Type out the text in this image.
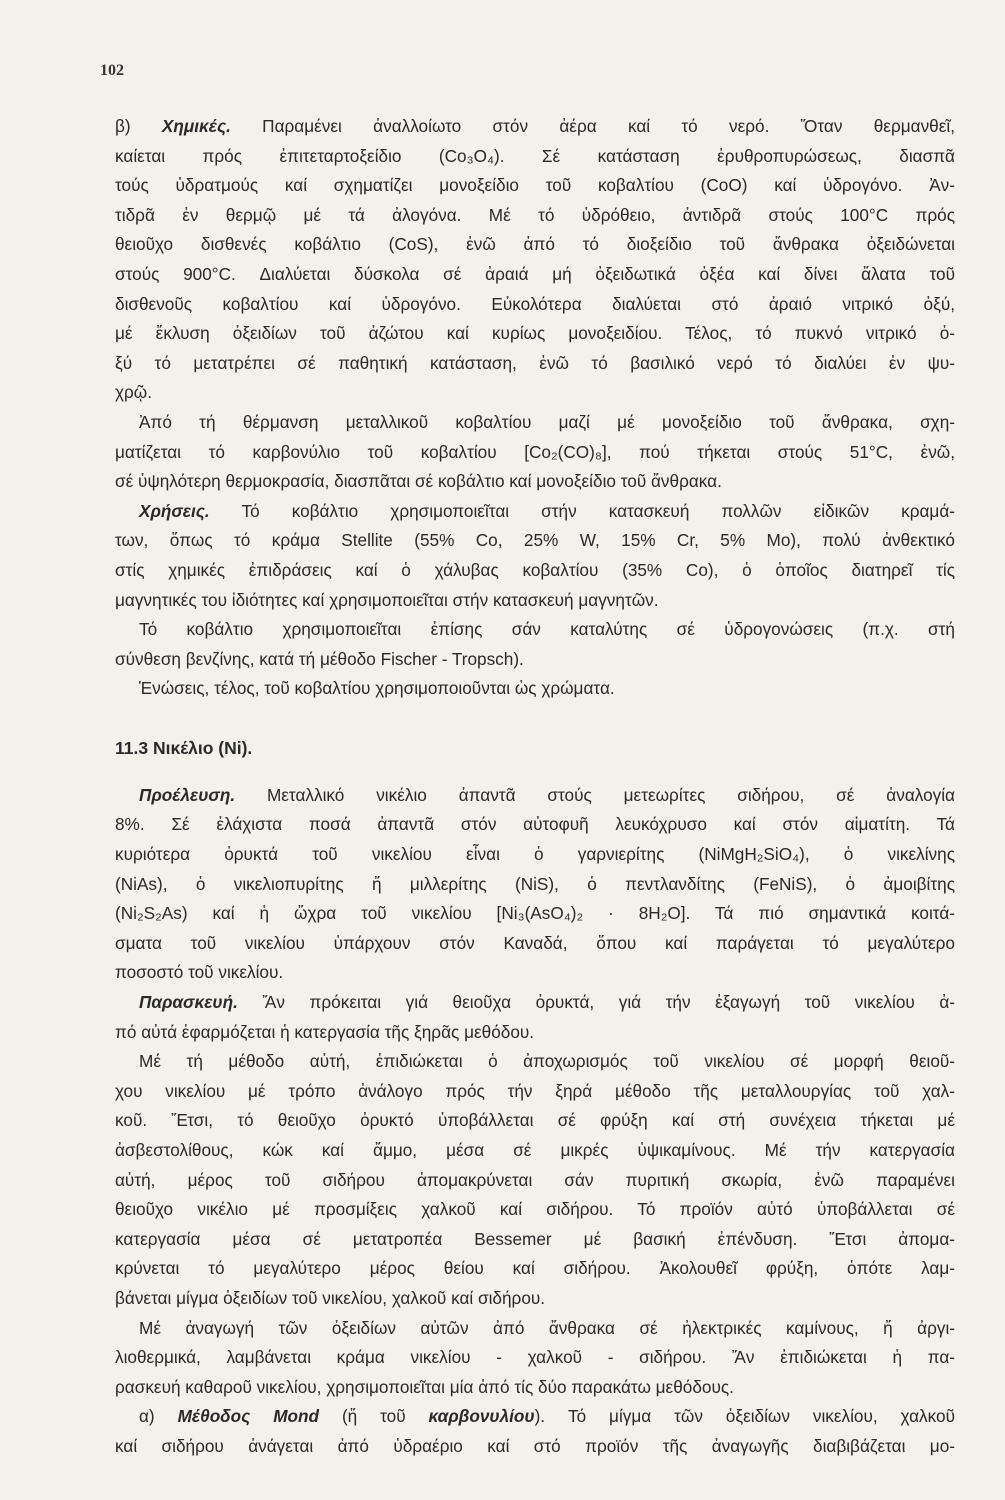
102
β) Χημικές. Παραμένει ἀναλλοίωτο στόν ἀέρα καί τό νερό. Ὅταν θερμανθεῖ,
καίεται πρός ἐπιτεταρτοξείδιο (Co₃O₄). Σέ κατάσταση ἐρυθροπυρώσεως, διασπᾶ
τούς ὑδρατμούς καί σχηματίζει μονοξείδιο τοῦ κοβαλτίου (CoO) καί ὑδρογόνο. Ἀν-
τιδρᾶ ἐν θερμῷ μέ τά ἀλογόνα. Μέ τό ὑδρόθειο, ἀντιδρᾶ στούς 100°C πρός
θειοῦχο δισθενές κοβάλτιο (CoS), ἐνῶ ἀπό τό διοξείδιο τοῦ ἄνθρακα ὀξειδώνεται
στούς 900°C. Διαλύεται δύσκολα σέ ἀραιά μή ὀξειδωτικά ὀξέα καί δίνει ἅλατα τοῦ
δισθενοῦς κοβαλτίου καί ὑδρογόνο. Εὐκολότερα διαλύεται στό ἀραιό νιτρικό ὀξύ,
μέ ἔκλυση ὀξειδίων τοῦ ἀζώτου καί κυρίως μονοξειδίου. Τέλος, τό πυκνό νιτρικό ὀ-
ξύ τό μετατρέπει σέ παθητική κατάσταση, ἐνῶ τό βασιλικό νερό τό διαλύει ἐν ψυ-
χρῷ.
Ἀπό τή θέρμανση μεταλλικοῦ κοβαλτίου μαζί μέ μονοξείδιο τοῦ ἄνθρακα, σχη-
ματίζεται τό καρβονύλιο τοῦ κοβαλτίου [Co₂(CO)₈], πού τήκεται στούς 51°C, ἐνῶ,
σέ ὑψηλότερη θερμοκρασία, διασπᾶται σέ κοβάλτιο καί μονοξείδιο τοῦ ἄνθρακα.
Χρήσεις. Τό κοβάλτιο χρησιμοποιεῖται στήν κατασκευή πολλῶν εἰδικῶν κραμά-
των, ὅπως τό κράμα Stellite (55% Co, 25% W, 15% Cr, 5% Mo), πολύ ἀνθεκτικό
στίς χημικές ἐπιδράσεις καί ὁ χάλυβας κοβαλτίου (35% Co), ὁ ὁποῖος διατηρεῖ τίς
μαγνητικές του ἰδιότητες καί χρησιμοποιεῖται στήν κατασκευή μαγνητῶν.
Τό κοβάλτιο χρησιμοποιεῖται ἐπίσης σάν καταλύτης σέ ὑδρογονώσεις (π.χ. στή
σύνθεση βενζίνης, κατά τή μέθοδο Fischer - Tropsch).
Ἑνώσεις, τέλος, τοῦ κοβαλτίου χρησιμοποιοῦνται ὡς χρώματα.
11.3 Νικέλιο (Ni).
Προέλευση. Μεταλλικό νικέλιο ἀπαντᾶ στούς μετεωρίτες σιδήρου, σέ ἀναλογία
8%. Σέ ἐλάχιστα ποσά ἀπαντᾶ στόν αὐτοφυῆ λευκόχρυσο καί στόν αἱματίτη. Τά
κυριότερα ὀρυκτά τοῦ νικελίου εἶναι ὁ γαρνιερίτης (NiMgH₂SiO₄), ὁ νικελίνης
(NiAs), ὁ νικελιοπυρίτης ἤ μιλλερίτης (NiS), ὁ πεντλανδίτης (FeNiS), ὁ ἀμοιβίτης
(Ni₂S₂As) καί ἡ ὤχρα τοῦ νικελίου [Ni₃(AsO₄)₂ · 8H₂O]. Τά πιό σημαντικά κοιτά-
σματα τοῦ νικελίου ὑπάρχουν στόν Καναδά, ὅπου καί παράγεται τό μεγαλύτερο
ποσοστό τοῦ νικελίου.
Παρασκευή. Ἄν πρόκειται γιά θειοῦχα ὀρυκτά, γιά τήν ἐξαγωγή τοῦ νικελίου ἀ-
πό αὐτά ἐφαρμόζεται ἡ κατεργασία τῆς ξηρᾶς μεθόδου.
Μέ τή μέθοδο αὐτή, ἐπιδιώκεται ὁ ἀποχωρισμός τοῦ νικελίου σέ μορφή θειοῦ-
χου νικελίου μέ τρόπο ἀνάλογο πρός τήν ξηρά μέθοδο τῆς μεταλλουργίας τοῦ χαλ-
κοῦ. Ἔτσι, τό θειοῦχο ὀρυκτό ὑποβάλλεται σέ φρύξη καί στή συνέχεια τήκεται μέ
ἀσβεστολίθους, κώκ καί ἄμμο, μέσα σέ μικρές ὑψικαμίνους. Μέ τήν κατεργασία
αὐτή, μέρος τοῦ σιδήρου ἀπομακρύνεται σάν πυριτική σκωρία, ἐνῶ παραμένει
θειοῦχο νικέλιο μέ προσμίξεις χαλκοῦ καί σιδήρου. Τό προϊόν αὐτό ὑποβάλλεται σέ
κατεργασία μέσα σέ μετατροπέα Bessemer μέ βασική ἐπένδυση. Ἔτσι ἀπομα-
κρύνεται τό μεγαλύτερο μέρος θείου καί σιδήρου. Ἀκολουθεῖ φρύξη, ὁπότε λαμ-
βάνεται μίγμα ὀξειδίων τοῦ νικελίου, χαλκοῦ καί σιδήρου.
Μέ ἀναγωγή τῶν ὀξειδίων αὐτῶν ἀπό ἄνθρακα σέ ἠλεκτρικές καμίνους, ἤ ἀργι-
λιοθερμικά, λαμβάνεται κράμα νικελίου - χαλκοῦ - σιδήρου. Ἄν ἐπιδιώκεται ἡ πα-
ρασκευή καθαροῦ νικελίου, χρησιμοποιεῖται μία ἀπό τίς δύο παρακάτω μεθόδους.
α) Μέθοδος Mond (ἤ τοῦ καρβονυλίου). Τό μίγμα τῶν ὀξειδίων νικελίου, χαλκοῦ
καί σιδήρου ἀνάγεται ἀπό ὑδραέριο καί στό προϊόν τῆς ἀναγωγῆς διαβιβάζεται μο-
